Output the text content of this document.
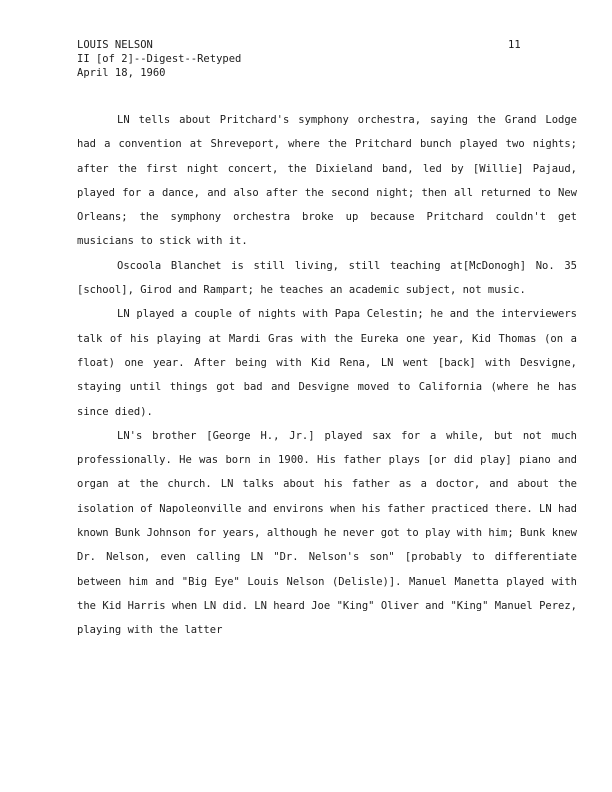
LOUIS NELSON
II [of 2]--Digest--Retyped
April 18, 1960
11

LN tells about Pritchard's symphony orchestra, saying the Grand Lodge had a convention at Shreveport, where the Pritchard bunch played two nights; after the first night concert, the Dixieland band, led by [Willie] Pajaud, played for a dance, and also after the second night; then all returned to New Orleans; the symphony orchestra broke up because Pritchard couldn't get musicians to stick with it.

Oscoola Blanchet is still living, still teaching at[McDonogh] No. 35 [school], Girod and Rampart; he teaches an academic subject, not music.

LN played a couple of nights with Papa Celestin; he and the interviewers talk of his playing at Mardi Gras with the Eureka one year, Kid Thomas (on a float) one year. After being with Kid Rena, LN went [back] with Desvigne, staying until things got bad and Desvigne moved to California (where he has since died).

LN's brother [George H., Jr.] played sax for a while, but not much professionally. He was born in 1900. His father plays [or did play] piano and organ at the church. LN talks about his father as a doctor, and about the isolation of Napoleonville and environs when his father practiced there. LN had known Bunk Johnson for years, although he never got to play with him; Bunk knew Dr. Nelson, even calling LN "Dr. Nelson's son" [probably to differentiate between him and "Big Eye" Louis Nelson (Delisle)]. Manuel Manetta played with the Kid Harris when LN did. LN heard Joe "King" Oliver and "King" Manuel Perez, playing with the latter
